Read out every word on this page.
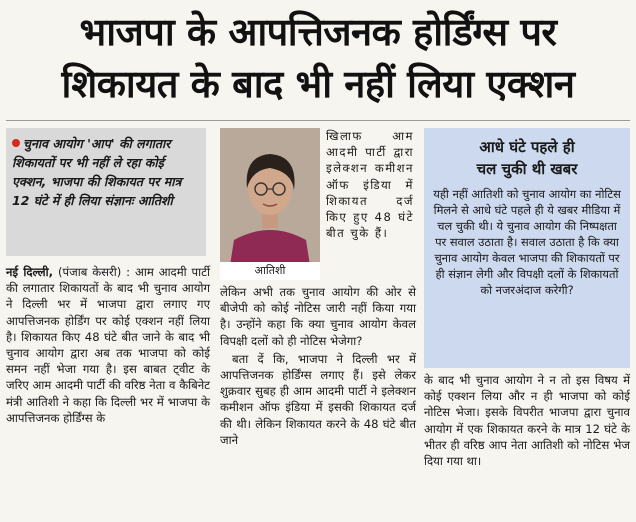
भाजपा के आपत्तिजनक होर्डिंग्स पर
शिकायत के बाद भी नहीं लिया एक्शन
चुनाव आयोग 'आप' की लगातार शिकायतों पर भी नहीं ले रहा कोई एक्शन, भाजपा की शिकायत पर मात्र 12 घंटे में ही लिया संज्ञानः आतिशी
नई दिल्ली, (पंजाब केसरी) : आम आदमी पार्टी की लगातार शिकायतों के बाद भी चुनाव आयोग ने दिल्ली भर में भाजपा द्वारा लगाए गए आपत्तिजनक होर्डिंग पर कोई एक्शन नहीं लिया है। शिकायत किए 48 घंटे बीत जाने के बाद भी चुनाव आयोग द्वारा अब तक भाजपा को कोई समन नहीं भेजा गया है। इस बाबत ट्वीट के जरिए आम आदमी पार्टी की वरिष्ठ नेता व कैबिनेट मंत्री आतिशी ने कहा कि दिल्ली भर में भाजपा के आपत्तिजनक होर्डिंग्स के
आतिशी
खिलाफ आम आदमी पार्टी द्वारा इलेक्शन कमीशन ऑफ इंडिया में शिकायत दर्ज किए हुए 48 घंटे बीत चुके हैं।
लेकिन अभी तक चुनाव आयोग की ओर से बीजेपी को कोई नोटिस जारी नहीं किया गया है। उन्होंने कहा कि क्या चुनाव आयोग केवल विपक्षी दलों को ही नोटिस भेजेगा?
बता दें कि, भाजपा ने दिल्ली भर में आपत्तिजनक होर्डिंग्स लगाए हैं। इसे लेकर शुक्रवार सुबह ही आम आदमी पार्टी ने इलेक्शन कमीशन ऑफ इंडिया में इसकी शिकायत दर्ज की थी। लेकिन शिकायत करने के 48 घंटे बीत जाने
आधे घंटे पहले ही
चल चुकी थी खबर
यही नहीं आतिशी को चुनाव आयोग का नोटिस मिलने से आधे घंटे पहले ही ये खबर मीडिया में चल चुकी थी। ये चुनाव आयोग की निष्पक्षता पर सवाल उठाता है। सवाल उठाता है कि क्या चुनाव आयोग केवल भाजपा की शिकायतों पर ही संज्ञान लेगी और विपक्षी दलों के शिकायतों को नजरअंदाज करेगी?
के बाद भी चुनाव आयोग ने न तो इस विषय में कोई एक्शन लिया और न ही भाजपा को कोई नोटिस भेजा। इसके विपरीत भाजपा द्वारा चुनाव आयोग में एक शिकायत करने के मात्र 12 घंटे के भीतर ही वरिष्ठ आप नेता आतिशी को नोटिस भेज दिया गया था।
